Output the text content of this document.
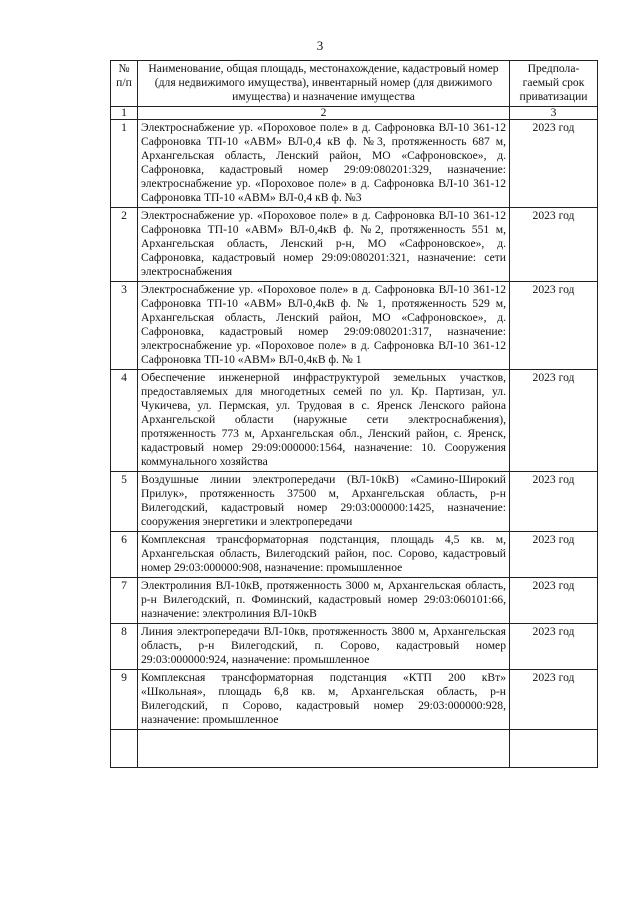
3
№ п/п	Наименование, общая площадь, местонахождение, кадастровый номер (для недвижимого имущества), инвентарный номер (для движимого имущества) и назначение имущества	Предпола-гаемый срок приватизации
1	2	3
1	Электроснабжение ур. «Пороховое поле» в д. Сафроновка ВЛ-10 361-12 Сафроновка ТП-10 «АВМ» ВЛ-0,4 кВ ф. №3, протяженность 687 м, Архангельская область, Ленский район, МО «Сафроновское», д. Сафроновка, кадастровый номер 29:09:080201:329, назначение: электроснабжение ур. «Пороховое поле» в д. Сафроновка ВЛ-10 361-12 Сафроновка ТП-10 «АВМ» ВЛ-0,4 кВ ф. №3	2023 год
2	Электроснабжение ур. «Пороховое поле» в д. Сафроновка ВЛ-10 361-12 Сафроновка ТП-10 «АВМ» ВЛ-0,4кВ ф. №2, протяженность 551 м, Архангельская область, Ленский р-н, МО «Сафроновское», д. Сафроновка, кадастровый номер 29:09:080201:321, назначение: сети электроснабжения	2023 год
3	Электроснабжение ур. «Пороховое поле» в д. Сафроновка ВЛ-10 361-12 Сафроновка ТП-10 «АВМ» ВЛ-0,4кВ ф. № 1, протяженность 529 м, Архангельская область, Ленский район, МО «Сафроновское», д. Сафроновка, кадастровый номер 29:09:080201:317, назначение: электроснабжение ур. «Пороховое поле» в д. Сафроновка ВЛ-10 361-12 Сафроновка ТП-10 «АВМ» ВЛ-0,4кВ ф. № 1	2023 год
4	Обеспечение инженерной инфраструктурой земельных участков, предоставляемых для многодетных семей по ул. Кр. Партизан, ул. Чукичева, ул. Пермская, ул. Трудовая в с. Яренск Ленского района Архангельской области (наружные сети электроснабжения), протяженность 773 м, Архангельская обл., Ленский район, с. Яренск, кадастровый номер 29:09:000000:1564, назначение: 10. Сооружения коммунального хозяйства	2023 год
5	Воздушные линии электропередачи (ВЛ-10кВ) «Самино-Широкий Прилук», протяженность 37500 м, Архангельская область, р-н Вилегодский, кадастровый номер 29:03:000000:1425, назначение: сооружения энергетики и электропередачи	2023 год
6	Комплексная трансформаторная подстанция, площадь 4,5 кв. м, Архангельская область, Вилегодский район, пос. Сорово, кадастровый номер 29:03:000000:908, назначение: промышленное	2023 год
7	Электролиния ВЛ-10кВ, протяженность 3000 м, Архангельская область, р-н Вилегодский, п. Фоминский, кадастровый номер 29:03:060101:66, назначение: электролиния ВЛ-10кВ	2023 год
8	Линия электропередачи ВЛ-10кв, протяженность 3800 м, Архангельская область, р-н Вилегодский, п. Сорово, кадастровый номер 29:03:000000:924, назначение: промышленное	2023 год
9	Комплексная трансформаторная подстанция «КТП 200 кВт» «Школьная», площадь 6,8 кв. м, Архангельская область, р-н Вилегодский, п Сорово, кадастровый номер 29:03:000000:928, назначение: промышленное	2023 год
